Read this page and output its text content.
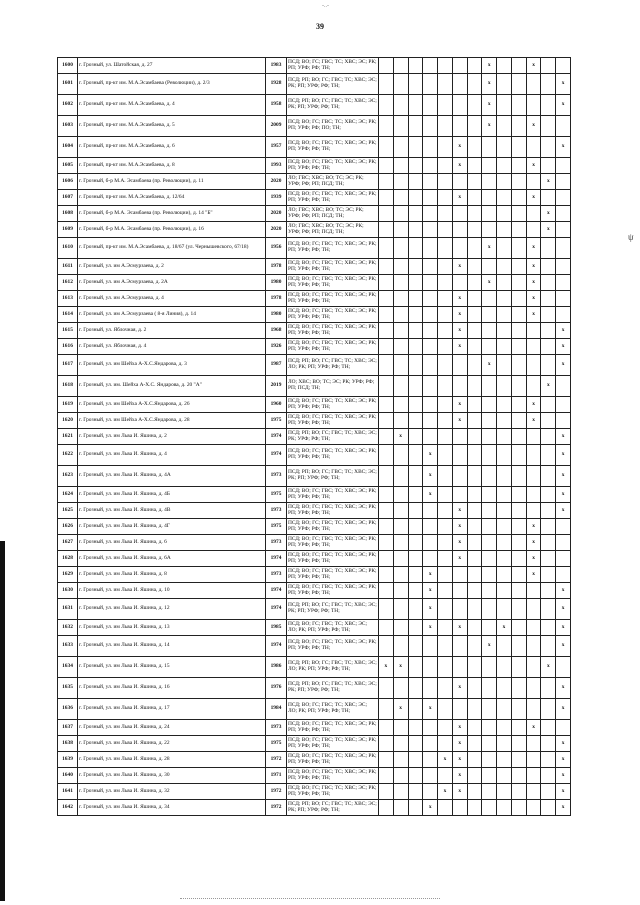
-..-
39
ψ
1600	г. Грозный, ул. Шатойская, д. 27	1983	ПСД; ВО; ГС; ГВС; ТС; ХВС; ЭС; РК; РП; УРФ; РФ; ТН;								x			x		
1601	г. Грозный, пр-кт им. М.А.Эсамбаева (Революции), д. 2/3	1928	ПСД; РП; ВО; ГС; ГВС; ТС; ХВС; ЭС; РК; РП; УРФ; РФ; ТН;								x					x
1602	г. Грозный, пр-кт им. М.А.Эсамбаева, д. 4	1958	ПСД; РП; ВО; ГС; ГВС; ТС; ХВС; ЭС; РК; РП; УРФ; РФ; ТН;								x					x
1603	г. Грозный, пр-кт им. М.А.Эсамбаева, д. 5	2009	ПСД; ВО; ГС; ГВС; ТС; ХВС; ЭС; РК; РП; УРФ; РФ; ПО; ТН;								x			x		
1604	г. Грозный, пр-кт им. М.А.Эсамбаева, д. 6	1957	ПСД; ВО; ГС; ГВС; ТС; ХВС; ЭС; РК; РП; УРФ; РФ; ТН;						x							x
1605	г. Грозный, пр-кт им. М.А.Эсамбаева, д. 8	1993	ПСД; ВО; ГС; ГВС; ТС; ХВС; ЭС; РК; РП; УРФ; РФ; ТН;						x					x		
1606	г. Грозный, б-р М.А. Эсамбаева (пр. Революции), д. 11	2020	ЛО; ГВС; ХВС; ВО; ТС; ЭС; РК; УРФ; РФ; РП; ПСД; ТН;												x	
1607	г. Грозный, пр-кт им. М.А.Эсамбаева, д. 12/64	1939	ПСД; ВО; ГС; ГВС; ТС; ХВС; ЭС; РК; РП; УРФ; РФ; ТН;						x					x		
1608	г. Грозный, б-р М.А. Эсамбаева (пр. Революции), д. 14 "Б"	2020	ЛО; ГВС; ХВС; ВО; ТС; ЭС; РК; УРФ; РФ; РП; ПСД; ТН;												x	
1609	г. Грозный, б-р М.А. Эсамбаева (пр. Революции), д. 16	2020	ЛО; ГВС; ХВС; ВО; ТС; ЭС; РК; УРФ; РФ; РП; ПСД; ТН;												x	
1610	г. Грозный, пр-кт им. М.А.Эсамбаева, д. 18/67 (ул. Чернышевского, 67/18)	1956	ПСД; ВО; ГС; ГВС; ТС; ХВС; ЭС; РК; РП; УРФ; РФ; ТН;								x			x		
1611	г. Грозный, ул. им А.Эсмурзаева, д. 2	1978	ПСД; ВО; ГС; ГВС; ТС; ХВС; ЭС; РК; РП; УРФ; РФ; ТН;						x					x		
1612	г. Грозный, ул. им А.Эсмурзаева, д. 2А	1980	ПСД; ВО; ГС; ГВС; ТС; ХВС; ЭС; РК; РП; УРФ; РФ; ТН;								x			x		
1613	г. Грозный, ул. им А.Эсмурзаева, д. 4	1978	ПСД; ВО; ГС; ГВС; ТС; ХВС; ЭС; РК; РП; УРФ; РФ; ТН;						x					x		
1614	г. Грозный, ул. им А.Эсмурзаева ( 8-я Линия), д. 14	1980	ПСД; ВО; ГС; ГВС; ТС; ХВС; ЭС; РК; РП; УРФ; РФ; ТН;						x					x		
1615	г. Грозный, ул. Яблочная, д. 2	1968	ПСД; ВО; ГС; ГВС; ТС; ХВС; ЭС; РК; РП; УРФ; РФ; ТН;						x							x
1616	г. Грозный, ул. Яблочная, д. 4	1926	ПСД; ВО; ГС; ГВС; ТС; ХВС; ЭС; РК; РП; УРФ; РФ; ТН;						x							x
1617	г. Грозный, ул. им Шейха А-Х.С.Яндарова, д. 3	1987	ПСД; РП; ВО; ГС; ГВС; ТС; ХВС; ЭС; ЛО; РК; РП; УРФ; РФ; ТН;								x					x
1618	г. Грозный, ул. им. Шейха А-Х.С. Яндарова, д. 20 "А"	2019	ЛО; ХВС; ВО; ТС; ЭС; РК; УРФ; РФ; РП; ПСД; ТН;												x	
1619	г. Грозный, ул. им Шейха А-Х.С.Яндарова, д. 26	1960	ПСД; ВО; ГС; ГВС; ТС; ХВС; ЭС; РК; РП; УРФ; РФ; ТН;						x					x		
1620	г. Грозный, ул. им Шейха А-Х.С.Яндарова, д. 28	1975	ПСД; ВО; ГС; ГВС; ТС; ХВС; ЭС; РК; РП; УРФ; РФ; ТН;						x					x		
1621	г. Грозный, ул. им Льва И. Яшина, д. 2	1974	ПСД; РП; ВО; ГС; ГВС; ТС; ХВС; ЭС; РК; УРФ; РФ; ТН;		x											x
1622	г. Грозный, ул. им Льва И. Яшина, д. 4	1974	ПСД; ВО; ГС; ГВС; ТС; ХВС; ЭС; РК; РП; УРФ; РФ; ТН;				x									x
1623	г. Грозный, ул. им Льва И. Яшина, д. 4А	1973	ПСД; РП; ВО; ГС; ГВС; ТС; ХВС; ЭС; РК; РП; УРФ; РФ; ТН;				x									x
1624	г. Грозный, ул. им Льва И. Яшина, д. 4Б	1975	ПСД; ВО; ГС; ГВС; ТС; ХВС; ЭС; РК; РП; УРФ; РФ; ТН;				x									x
1625	г. Грозный, ул. им Льва И. Яшина, д. 4В	1973	ПСД; ВО; ГС; ГВС; ТС; ХВС; ЭС; РК; РП; УРФ; РФ; ТН;						x							x
1626	г. Грозный, ул. им Льва И. Яшина, д. 4Г	1975	ПСД; ВО; ГС; ГВС; ТС; ХВС; ЭС; РК; РП; УРФ; РФ; ТН;						x					x		
1627	г. Грозный, ул. им Льва И. Яшина, д. 6	1973	ПСД; ВО; ГС; ГВС; ТС; ХВС; ЭС; РК; РП; УРФ; РФ; ТН;						x					x		
1628	г. Грозный, ул. им Льва И. Яшина, д. 6А	1974	ПСД; ВО; ГС; ГВС; ТС; ХВС; ЭС; РК; РП; УРФ; РФ; ТН;						x					x		
1629	г. Грозный, ул. им Льва И. Яшина, д. 8	1973	ПСД; ВО; ГС; ГВС; ТС; ХВС; ЭС; РК; РП; УРФ; РФ; ТН;				x							x		
1630	г. Грозный, ул. им Льва И. Яшина, д. 10	1974	ПСД; ВО; ГС; ГВС; ТС; ХВС; ЭС; РК; РП; УРФ; РФ; ТН;				x									x
1631	г. Грозный, ул. им Льва И. Яшина, д. 12	1974	ПСД; РП; ВО; ГС; ГВС; ТС; ХВС; ЭС; РК; РП; УРФ; РФ; ТН;				x									x
1632	г. Грозный, ул. им Льва И. Яшина, д. 13	1985	ПСД; ВО; ГС; ГВС; ТС; ХВС; ЭС; ЛО; РК; РП; УРФ; РФ; ТН;				x		x			x				x
1633	г. Грозный, ул. им Льва И. Яшина, д. 14	1974	ПСД; ВО; ГС; ГВС; ТС; ХВС; ЭС; РК; РП; УРФ; РФ; ТН;								x					x
1634	г. Грозный, ул. им Льва И. Яшина, д. 15	1986	ПСД; РП; ВО; ГС; ГВС; ТС; ХВС; ЭС; ЛО; РК; РП; УРФ; РФ; ТН;	x	x										x	
1635	г. Грозный, ул. им Льва И. Яшина, д. 16	1976	ПСД; РП; ВО; ГС; ГВС; ТС; ХВС; ЭС; РК; РП; УРФ; РФ; ТН;						x							x
1636	г. Грозный, ул. им Льва И. Яшина, д. 17	1984	ПСД; ВО; ГС; ГВС; ТС; ХВС; ЭС; ЛО; РК; РП; УРФ; РФ; ТН;		x		x									x
1637	г. Грозный, ул. им Льва И. Яшина, д. 24	1973	ПСД; ВО; ГС; ГВС; ТС; ХВС; ЭС; РК; РП; УРФ; РФ; ТН;						x					x		
1638	г. Грозный, ул. им Льва И. Яшина, д. 22	1975	ПСД; ВО; ГС; ГВС; ТС; ХВС; ЭС; РК; РП; УРФ; РФ; ТН;						x							x
1639	г. Грозный, ул. им Льва И. Яшина, д. 28	1972	ПСД; ВО; ГС; ГВС; ТС; ХВС; ЭС; РК; РП; УРФ; РФ; ТН;					x	x							x
1640	г. Грозный, ул. им Льва И. Яшина, д. 30	1971	ПСД; ВО; ГС; ГВС; ТС; ХВС; ЭС; РК; РП; УРФ; РФ; ТН;						x							x
1641	г. Грозный, ул. им Льва И. Яшина, д. 32	1972	ПСД; ВО; ГС; ГВС; ТС; ХВС; ЭС; РК; РП; УРФ; РФ; ТН;					x	x							x
1642	г. Грозный, ул. им Льва И. Яшина, д. 34	1972	ПСД; РП; ВО; ГС; ГВС; ТС; ХВС; ЭС; РК; РП; УРФ; РФ; ТН;				x									x
